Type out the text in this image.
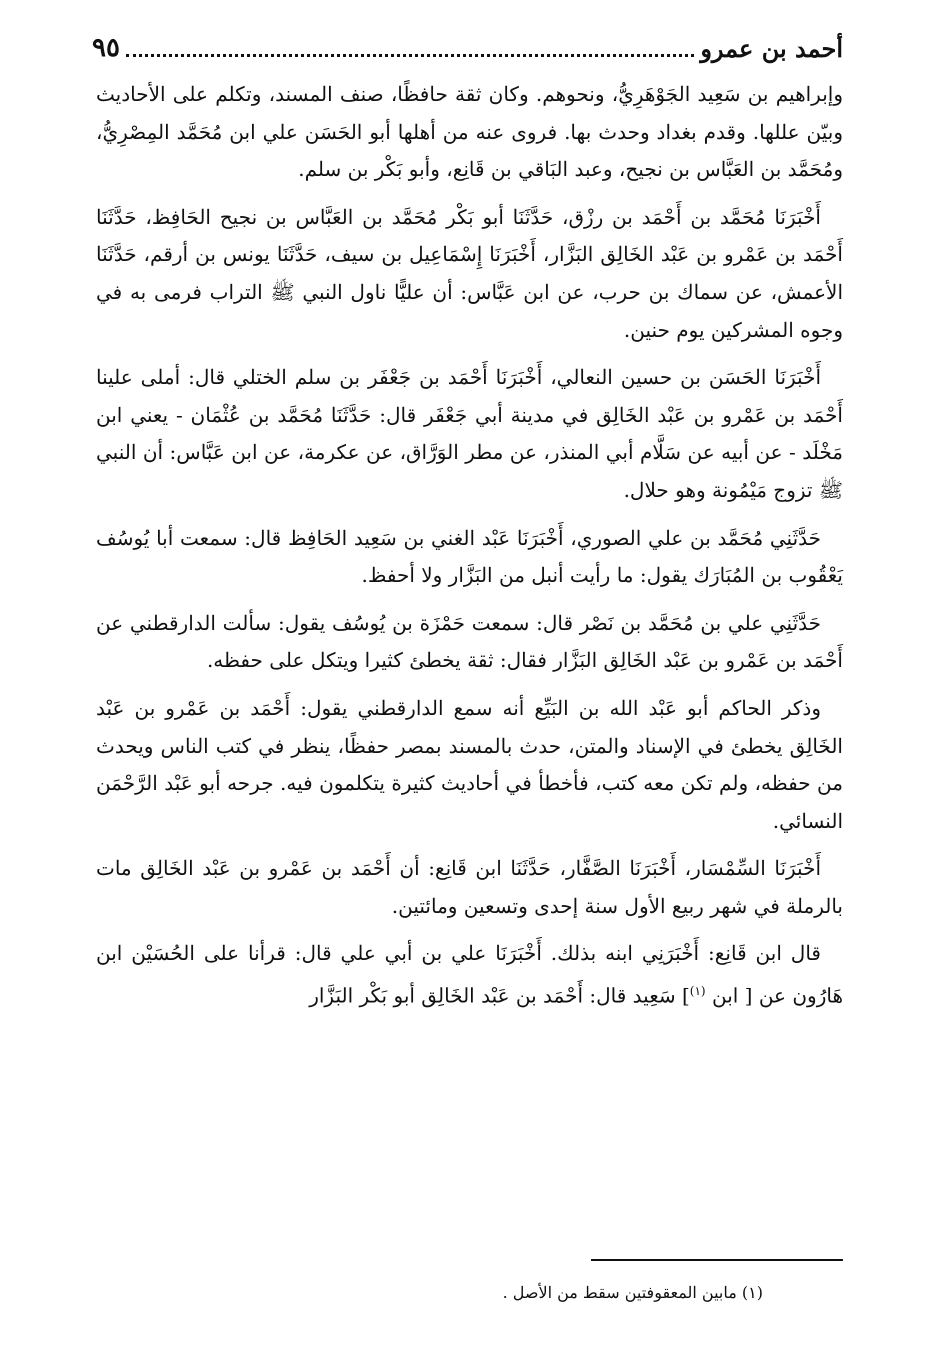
أحمد بن عمرو
٩٥

وإبراهيم بن سَعِيد الجَوْهَرِيُّ، ونحوهم. وكان ثقة حافظًا، صنف المسند، وتكلم على الأحاديث وبيّن عللها. وقدم بغداد وحدث بها. فروى عنه من أهلها أبو الحَسَن علي ابن مُحَمَّد المِصْرِيُّ، ومُحَمَّد بن العَبَّاس بن نجيح، وعبد البَاقي بن قَانِع، وأبو بَكْر بن سلم.

أَخْبَرَنَا مُحَمَّد بن أَحْمَد بن رزْق، حَدَّثَنَا أبو بَكْر مُحَمَّد بن العَبَّاس بن نجيح الحَافِظ، حَدَّثَنَا أَحْمَد بن عَمْرو بن عَبْد الخَالِق البَزَّار، أَخْبَرَنَا إِسْمَاعِيل بن سيف، حَدَّثَنَا يونس بن أرقم، حَدَّثَنَا الأعمش، عن سماك بن حرب، عن ابن عَبَّاس: أن عليًّا ناول النبي ﷺ التراب فرمى به في وجوه المشركين يوم حنين.

أَخْبَرَنَا الحَسَن بن حسين النعالي، أَخْبَرَنَا أَحْمَد بن جَعْفَر بن سلم الختلي قال: أملى علينا أَحْمَد بن عَمْرو بن عَبْد الخَالِق في مدينة أبي جَعْفَر قال: حَدَّثَنَا مُحَمَّد بن عُثْمَان - يعني ابن مَخْلَد - عن أبيه عن سَلَّام أبي المنذر، عن مطر الوَرَّاق، عن عكرمة، عن ابن عَبَّاس: أن النبي ﷺ تزوج مَيْمُونة وهو حلال.

حَدَّثَنِي مُحَمَّد بن علي الصوري، أَخْبَرَنَا عَبْد الغني بن سَعِيد الحَافِظ قال: سمعت أبا يُوسُف يَعْقُوب بن المُبَارَك يقول: ما رأيت أنبل من البَزَّار ولا أحفظ.

حَدَّثَنِي علي بن مُحَمَّد بن نَصْر قال: سمعت حَمْزَة بن يُوسُف يقول: سألت الدارقطني عن أَحْمَد بن عَمْرو بن عَبْد الخَالِق البَزَّار فقال: ثقة يخطئ كثيرا ويتكل على حفظه.

وذكر الحاكم أبو عَبْد الله بن البَيِّع أنه سمع الدارقطني يقول: أَحْمَد بن عَمْرو بن عَبْد الخَالِق يخطئ في الإسناد والمتن، حدث بالمسند بمصر حفظًا، ينظر في كتب الناس ويحدث من حفظه، ولم تكن معه كتب، فأخطأ في أحاديث كثيرة يتكلمون فيه. جرحه أبو عَبْد الرَّحْمَن النسائي.

أَخْبَرَنَا السِّمْسَار، أَخْبَرَنَا الصَّفَّار، حَدَّثَنَا ابن قَانِع: أن أَحْمَد بن عَمْرو بن عَبْد الخَالِق مات بالرملة في شهر ربيع الأول سنة إحدى وتسعين ومائتين.

قال ابن قَانِع: أَخْبَرَنِي ابنه بذلك. أَخْبَرَنَا علي بن أبي علي قال: قرأنا على الحُسَيْن ابن هَارُون عن [ ابن $^{(١)}$] سَعِيد قال: أَحْمَد بن عَبْد الخَالِق أبو بَكْر البَزَّار

(١) مابين المعقوفتين سقط من الأصل .
